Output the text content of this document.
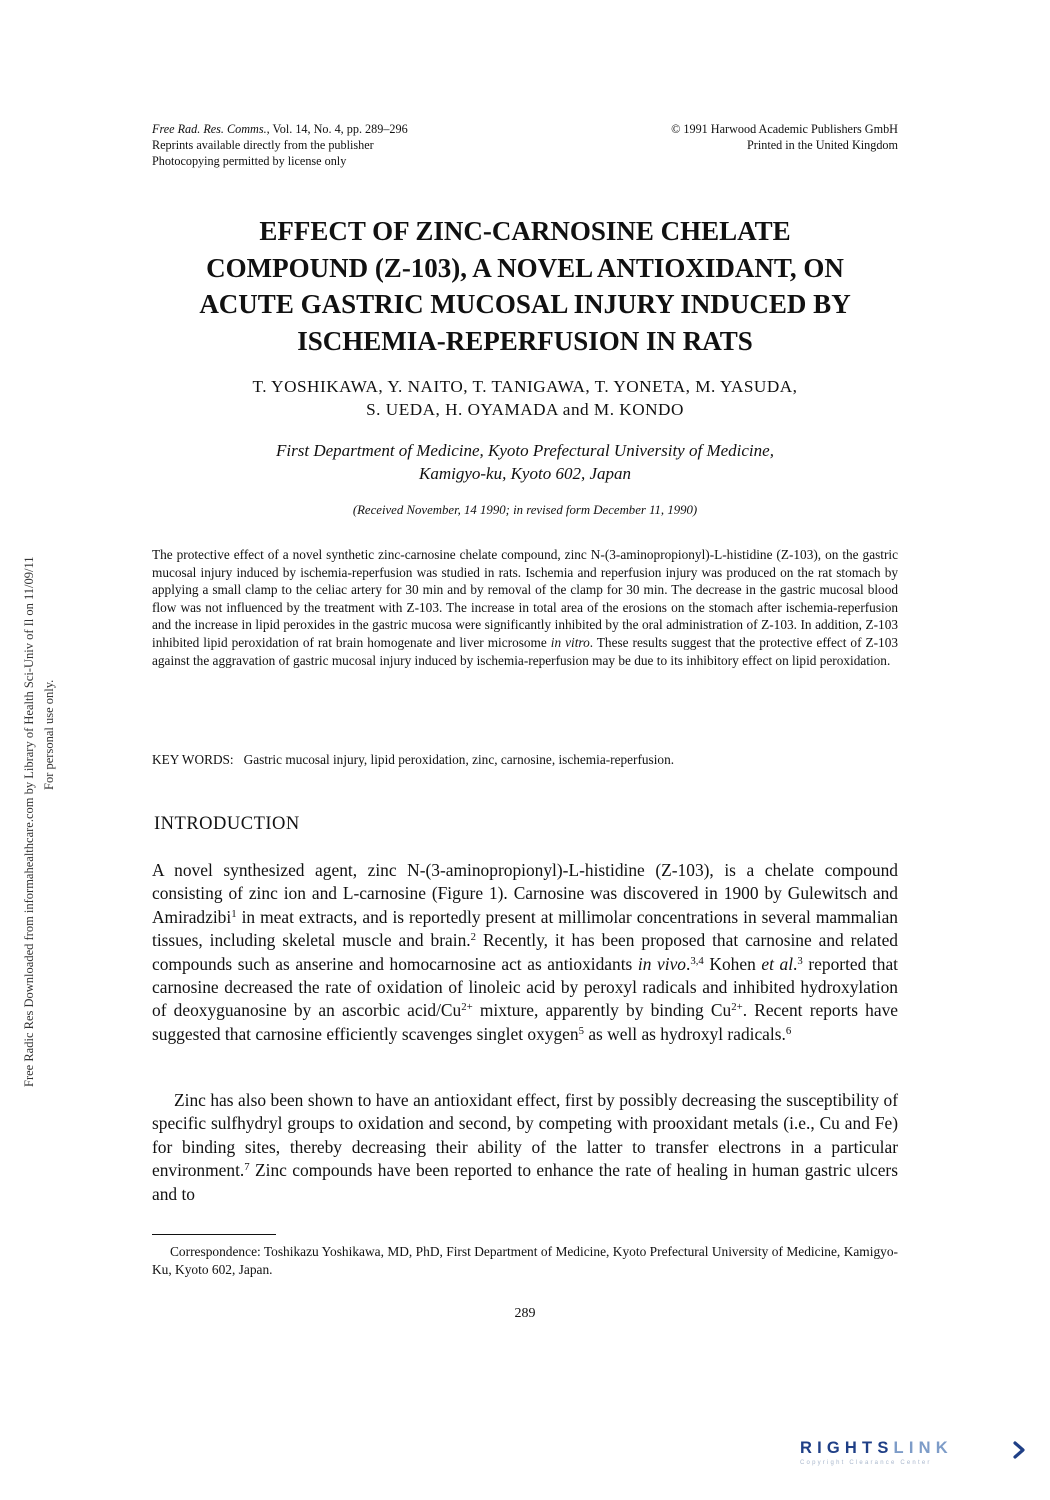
Free Radic Res Downloaded from informahealthcare.com by Library of Health Sci-Univ of Il on 11/09/11 For personal use only.
Free Rad. Res. Comms., Vol. 14, No. 4, pp. 289–296
Reprints available directly from the publisher
Photocopying permitted by license only
© 1991 Harwood Academic Publishers GmbH
Printed in the United Kingdom
EFFECT OF ZINC-CARNOSINE CHELATE
COMPOUND (Z-103), A NOVEL ANTIOXIDANT, ON
ACUTE GASTRIC MUCOSAL INJURY INDUCED BY
ISCHEMIA-REPERFUSION IN RATS
T. YOSHIKAWA, Y. NAITO, T. TANIGAWA, T. YONETA, M. YASUDA,
S. UEDA, H. OYAMADA and M. KONDO
First Department of Medicine, Kyoto Prefectural University of Medicine,
Kamigyo-ku, Kyoto 602, Japan
(Received November, 14 1990; in revised form December 11, 1990)

The protective effect of a novel synthetic zinc-carnosine chelate compound, zinc N-(3-aminopropionyl)-L-histidine (Z-103), on the gastric mucosal injury induced by ischemia-reperfusion was studied in rats. Ischemia and reperfusion injury was produced on the rat stomach by applying a small clamp to the celiac artery for 30 min and by removal of the clamp for 30 min. The decrease in the gastric mucosal blood flow was not influenced by the treatment with Z-103. The increase in total area of the erosions on the stomach after ischemia-reperfusion and the increase in lipid peroxides in the gastric mucosa were significantly inhibited by the oral administration of Z-103. In addition, Z-103 inhibited lipid peroxidation of rat brain homogenate and liver microsome in vitro. These results suggest that the protective effect of Z-103 against the aggravation of gastric mucosal injury induced by ischemia-reperfusion may be due to its inhibitory effect on lipid peroxidation.

KEY WORDS: Gastric mucosal injury, lipid peroxidation, zinc, carnosine, ischemia-reperfusion.
INTRODUCTION

A novel synthesized agent, zinc N-(3-aminopropionyl)-L-histidine (Z-103), is a chelate compound consisting of zinc ion and L-carnosine (Figure 1). Carnosine was discovered in 1900 by Gulewitsch and Amiradzibi$^1$ in meat extracts, and is reportedly present at millimolar concentrations in several mammalian tissues, including skeletal muscle and brain.$^2$ Recently, it has been proposed that carnosine and related compounds such as anserine and homocarnosine act as antioxidants in vivo.$^{3,4}$ Kohen et al.$^3$ reported that carnosine decreased the rate of oxidation of linoleic acid by peroxyl radicals and inhibited hydroxylation of deoxyguanosine by an ascorbic acid/$Cu^{2+}$ mixture, apparently by binding $Cu^{2+}$. Recent reports have suggested that carnosine efficiently scavenges singlet oxygen$^5$ as well as hydroxyl radicals.$^6$

Zinc has also been shown to have an antioxidant effect, first by possibly decreasing the susceptibility of specific sulfhydryl groups to oxidation and second, by competing with prooxidant metals (i.e., Cu and Fe) for binding sites, thereby decreasing their ability of the latter to transfer electrons in a particular environment.$^7$ Zinc compounds have been reported to enhance the rate of healing in human gastric ulcers and to

Correspondence: Toshikazu Yoshikawa, MD, PhD, First Department of Medicine, Kyoto Prefectural University of Medicine, Kamigyo-Ku, Kyoto 602, Japan.

289
RIGHTSLINK
Copyright Clearance Center
